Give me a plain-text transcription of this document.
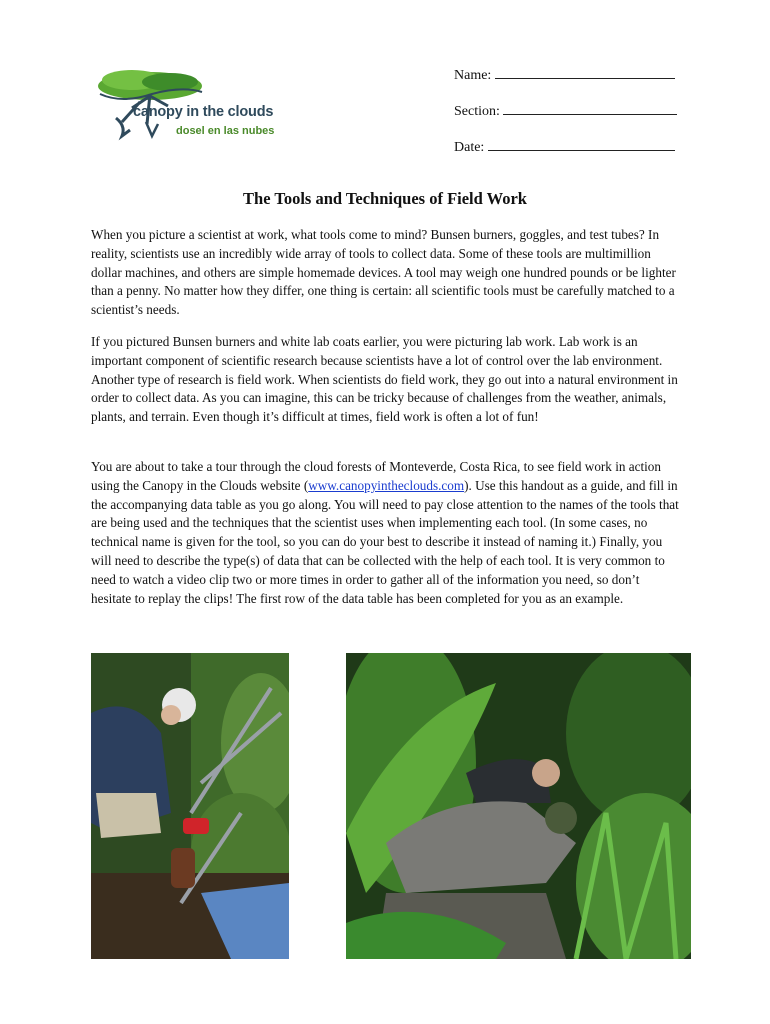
canopy in the clouds
dosel en las nubes
Name:
Section:
Date:
The Tools and Techniques of Field Work

When you picture a scientist at work, what tools come to mind? Bunsen burners, goggles, and test tubes? In reality, scientists use an incredibly wide array of tools to collect data. Some of these tools are multimillion dollar machines, and others are simple homemade devices. A tool may weigh one hundred pounds or be lighter than a penny. No matter how they differ, one thing is certain: all scientific tools must be carefully matched to a scientist’s needs.

If you pictured Bunsen burners and white lab coats earlier, you were picturing lab work. Lab work is an important component of scientific research because scientists have a lot of control over the lab environment. Another type of research is field work. When scientists do field work, they go out into a natural environment in order to collect data. As you can imagine, this can be tricky because of challenges from the weather, animals, plants, and terrain. Even though it’s difficult at times, field work is often a lot of fun!

You are about to take a tour through the cloud forests of Monteverde, Costa Rica, to see field work in action using the Canopy in the Clouds website (www.canopyintheclouds.com). Use this handout as a guide, and fill in the accompanying data table as you go along. You will need to pay close attention to the names of the tools that are being used and the techniques that the scientist uses when implementing each tool. (In some cases, no technical name is given for the tool, so you can do your best to describe it instead of naming it.) Finally, you will need to describe the type(s) of data that can be collected with the help of each tool. It is very common to need to watch a video clip two or more times in order to gather all of the information you need, so don’t hesitate to replay the clips! The first row of the data table has been completed for you as an example.
